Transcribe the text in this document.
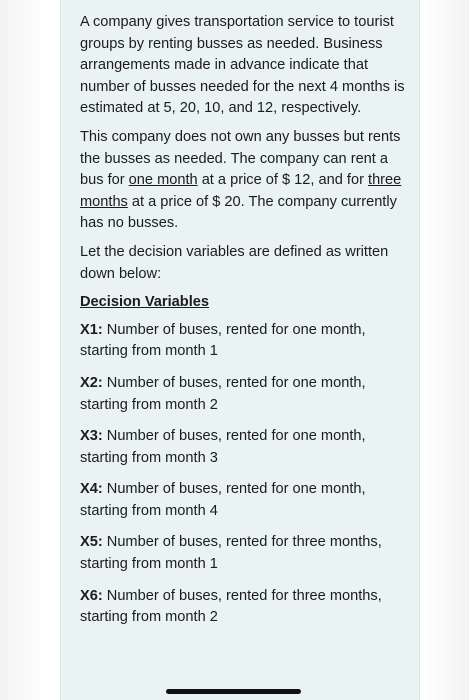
A company gives transportation service to tourist groups by renting busses as needed. Business arrangements made in advance indicate that number of busses needed for the next 4 months is estimated at 5, 20, 10, and 12, respectively.

This company does not own any busses but rents the busses as needed. The company can rent a bus for one month at a price of $ 12, and for three months at a price of $ 20. The company currently has no busses.

Let the decision variables are defined as written down below:

Decision Variables

X1: Number of buses, rented for one month, starting from month 1

X2: Number of buses, rented for one month, starting from month 2

X3: Number of buses, rented for one month, starting from month 3

X4: Number of buses, rented for one month, starting from month 4

X5: Number of buses, rented for three months, starting from month 1

X6: Number of buses, rented for three months, starting from month 2
